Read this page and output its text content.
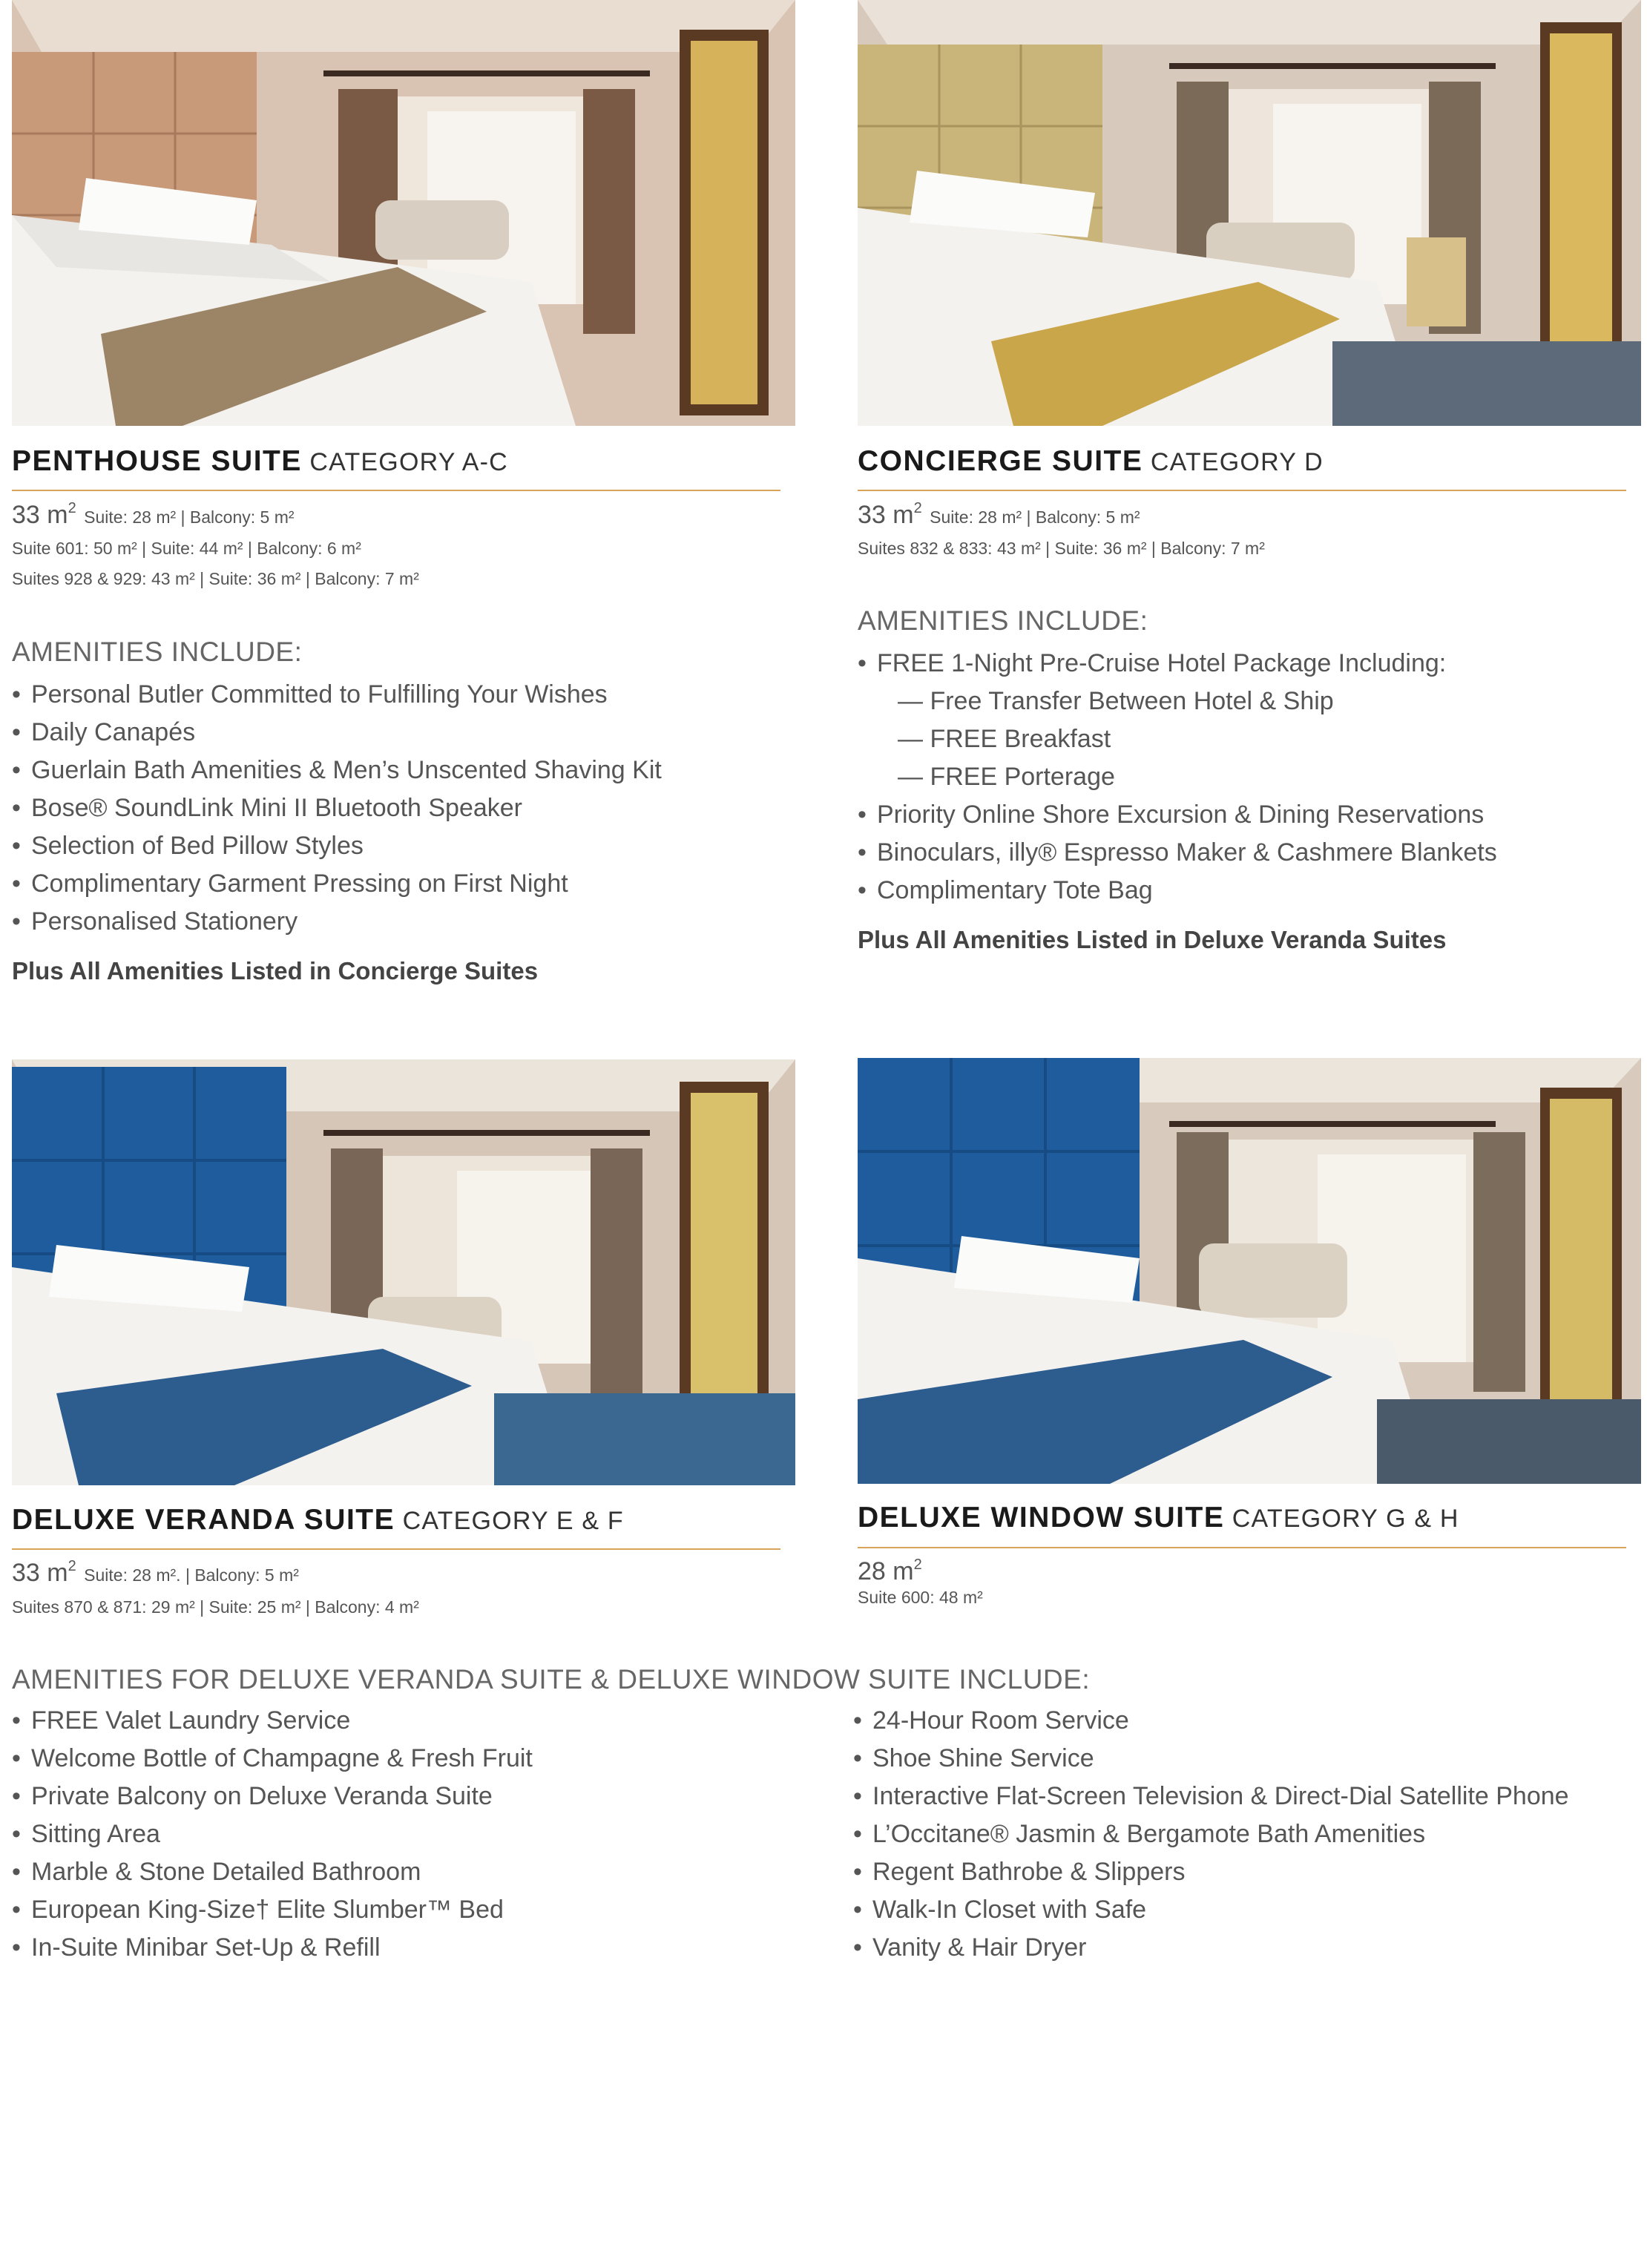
PENTHOUSE SUITE CATEGORY A-C
33 $m^2$ Suite: 28 m² | Balcony: 5 m²
Suite 601: 50 m² | Suite: 44 m² | Balcony: 6 m²
Suites 928 & 929: 43 m² | Suite: 36 m² | Balcony: 7 m²
AMENITIES INCLUDE:
• Personal Butler Committed to Fulfilling Your Wishes
• Daily Canapés
• Guerlain Bath Amenities & Men’s Unscented Shaving Kit
• Bose® SoundLink Mini II Bluetooth Speaker
• Selection of Bed Pillow Styles
• Complimentary Garment Pressing on First Night
• Personalised Stationery
Plus All Amenities Listed in Concierge Suites
CONCIERGE SUITE CATEGORY D
33 $m^2$ Suite: 28 m² | Balcony: 5 m²
Suites 832 & 833: 43 m² | Suite: 36 m² | Balcony: 7 m²
AMENITIES INCLUDE:
• FREE 1-Night Pre-Cruise Hotel Package Including:
— Free Transfer Between Hotel & Ship
— FREE Breakfast
— FREE Porterage
• Priority Online Shore Excursion & Dining Reservations
• Binoculars, illy® Espresso Maker & Cashmere Blankets
• Complimentary Tote Bag
Plus All Amenities Listed in Deluxe Veranda Suites
DELUXE VERANDA SUITE CATEGORY E & F
33 $m^2$ Suite: 28 m². | Balcony: 5 m²
Suites 870 & 871: 29 m² | Suite: 25 m² | Balcony: 4 m²
DELUXE WINDOW SUITE CATEGORY G & H
28 $m^2$
Suite 600: 48 m²
AMENITIES FOR DELUXE VERANDA SUITE & DELUXE WINDOW SUITE INCLUDE:
• FREE Valet Laundry Service
• Welcome Bottle of Champagne & Fresh Fruit
• Private Balcony on Deluxe Veranda Suite
• Sitting Area
• Marble & Stone Detailed Bathroom
• European King-Size† Elite Slumber™ Bed
• In-Suite Minibar Set-Up & Refill
• 24-Hour Room Service
• Shoe Shine Service
• Interactive Flat-Screen Television & Direct-Dial Satellite Phone
• L’Occitane® Jasmin & Bergamote Bath Amenities
• Regent Bathrobe & Slippers
• Walk-In Closet with Safe
• Vanity & Hair Dryer
